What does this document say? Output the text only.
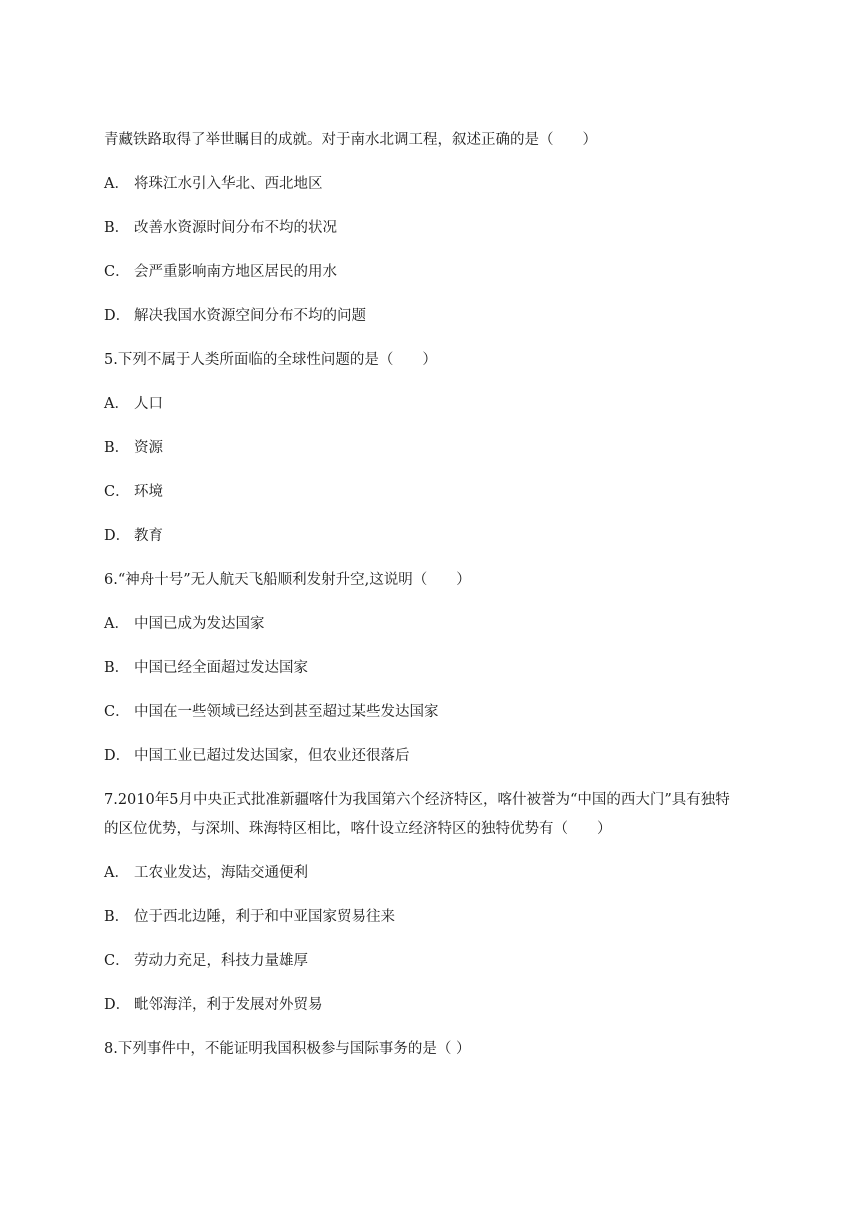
青藏铁路取得了举世瞩目的成就。对于南水北调工程，叙述正确的是（　　）
A． 将珠江水引入华北、西北地区
B． 改善水资源时间分布不均的状况
C． 会严重影响南方地区居民的用水
D． 解决我国水资源空间分布不均的问题
5.下列不属于人类所面临的全球性问题的是（　　）
A． 人口
B． 资源
C． 环境
D． 教育
6.“神舟十号”无人航天飞船顺利发射升空,这说明（　　）
A． 中国已成为发达国家
B． 中国已经全面超过发达国家
C． 中国在一些领域已经达到甚至超过某些发达国家
D． 中国工业已超过发达国家，但农业还很落后
7.2010年5月中央正式批准新疆喀什为我国第六个经济特区，喀什被誉为“中国的西大门”具有独特
的区位优势，与深圳、珠海特区相比，喀什设立经济特区的独特优势有（　　）
A． 工农业发达，海陆交通便利
B． 位于西北边陲，利于和中亚国家贸易往来
C． 劳动力充足，科技力量雄厚
D． 毗邻海洋，利于发展对外贸易
8.下列事件中，不能证明我国积极参与国际事务的是（ ）
